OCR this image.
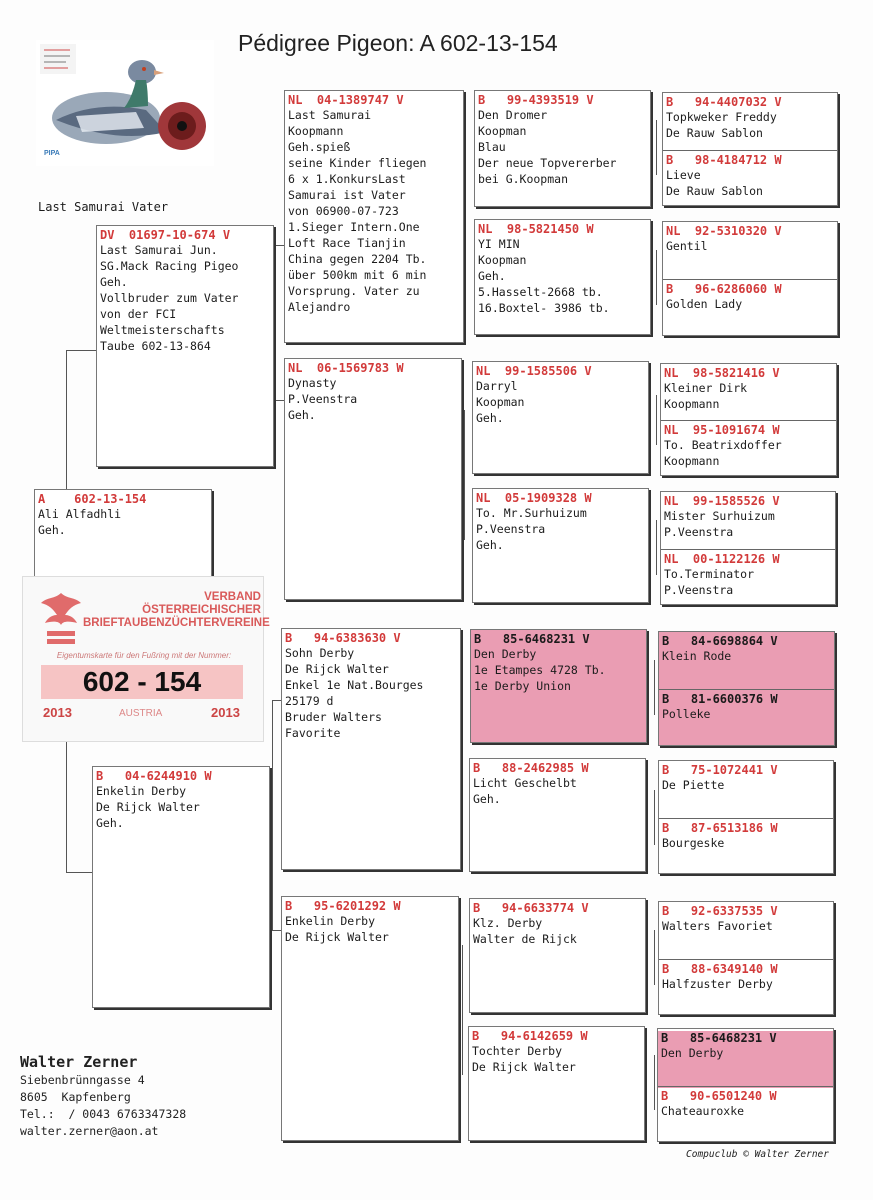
Pédigree Pigeon: A 602-13-154
PIPA
Last Samurai Vater
A    602-13-154
Ali Alfadhli
Geh.
DV  01697-10-674 V
Last Samurai Jun.
SG.Mack Racing Pigeo
Geh.
Vollbruder zum Vater
von der FCI
Weltmeisterschafts
Taube 602-13-864
B   04-6244910 W
Enkelin Derby
De Rijck Walter
Geh.
NL  04-1389747 V
Last Samurai
Koopmann
Geh.spieß
seine Kinder fliegen
6 x 1.KonkursLast
Samurai ist Vater
von 06900-07-723
1.Sieger Intern.One
Loft Race Tianjin
China gegen 2204 Tb.
über 500km mit 6 min
Vorsprung. Vater zu
Alejandro
NL  06-1569783 W
Dynasty
P.Veenstra
Geh.
B   94-6383630 V
Sohn Derby
De Rijck Walter
Enkel 1e Nat.Bourges
25179 d
Bruder Walters
Favorite
B   95-6201292 W
Enkelin Derby
De Rijck Walter
B   99-4393519 V
Den Dromer
Koopman
Blau
Der neue Topvererber
bei G.Koopman
NL  98-5821450 W
YI MIN
Koopman
Geh.
5.Hasselt-2668 tb.
16.Boxtel- 3986 tb.
NL  99-1585506 V
Darryl
Koopman
Geh.
NL  05-1909328 W
To. Mr.Surhuizum
P.Veenstra
Geh.
B   85-6468231 V
Den Derby
1e Etampes 4728 Tb.
1e Derby Union
B   88-2462985 W
Licht Geschelbt
Geh.
B   94-6633774 V
Klz. Derby
Walter de Rijck
B   94-6142659 W
Tochter Derby
De Rijck Walter
B   94-4407032 V
Topkweker Freddy
De Rauw Sablon
B   98-4184712 W
Lieve
De Rauw Sablon
NL  92-5310320 V
Gentil
B   96-6286060 W
Golden Lady
NL  98-5821416 V
Kleiner Dirk
Koopmann
NL  95-1091674 W
To. Beatrixdoffer
Koopmann
NL  99-1585526 V
Mister Surhuizum
P.Veenstra
NL  00-1122126 W
To.Terminator
P.Veenstra
B   84-6698864 V
Klein Rode
B   81-6600376 W
Polleke
B   75-1072441 V
De Piette
B   87-6513186 W
Bourgeske
B   92-6337535 V
Walters Favoriet
B   88-6349140 W
Halfzuster Derby
B   85-6468231 V
Den Derby
B   90-6501240 W
Chateauroxke
VERBAND
ÖSTERREICHISCHER
BRIEFTAUBENZÜCHTERVEREINE
Eigentumskarte für den Fußring mit der Nummer:
602 - 154
2013	AUSTRIA	2013
Walter Zerner
Siebenbrünngasse 4
8605  Kapfenberg
Tel.:  / 0043 6763347328
walter.zerner@aon.at
Compuclub © Walter Zerner
